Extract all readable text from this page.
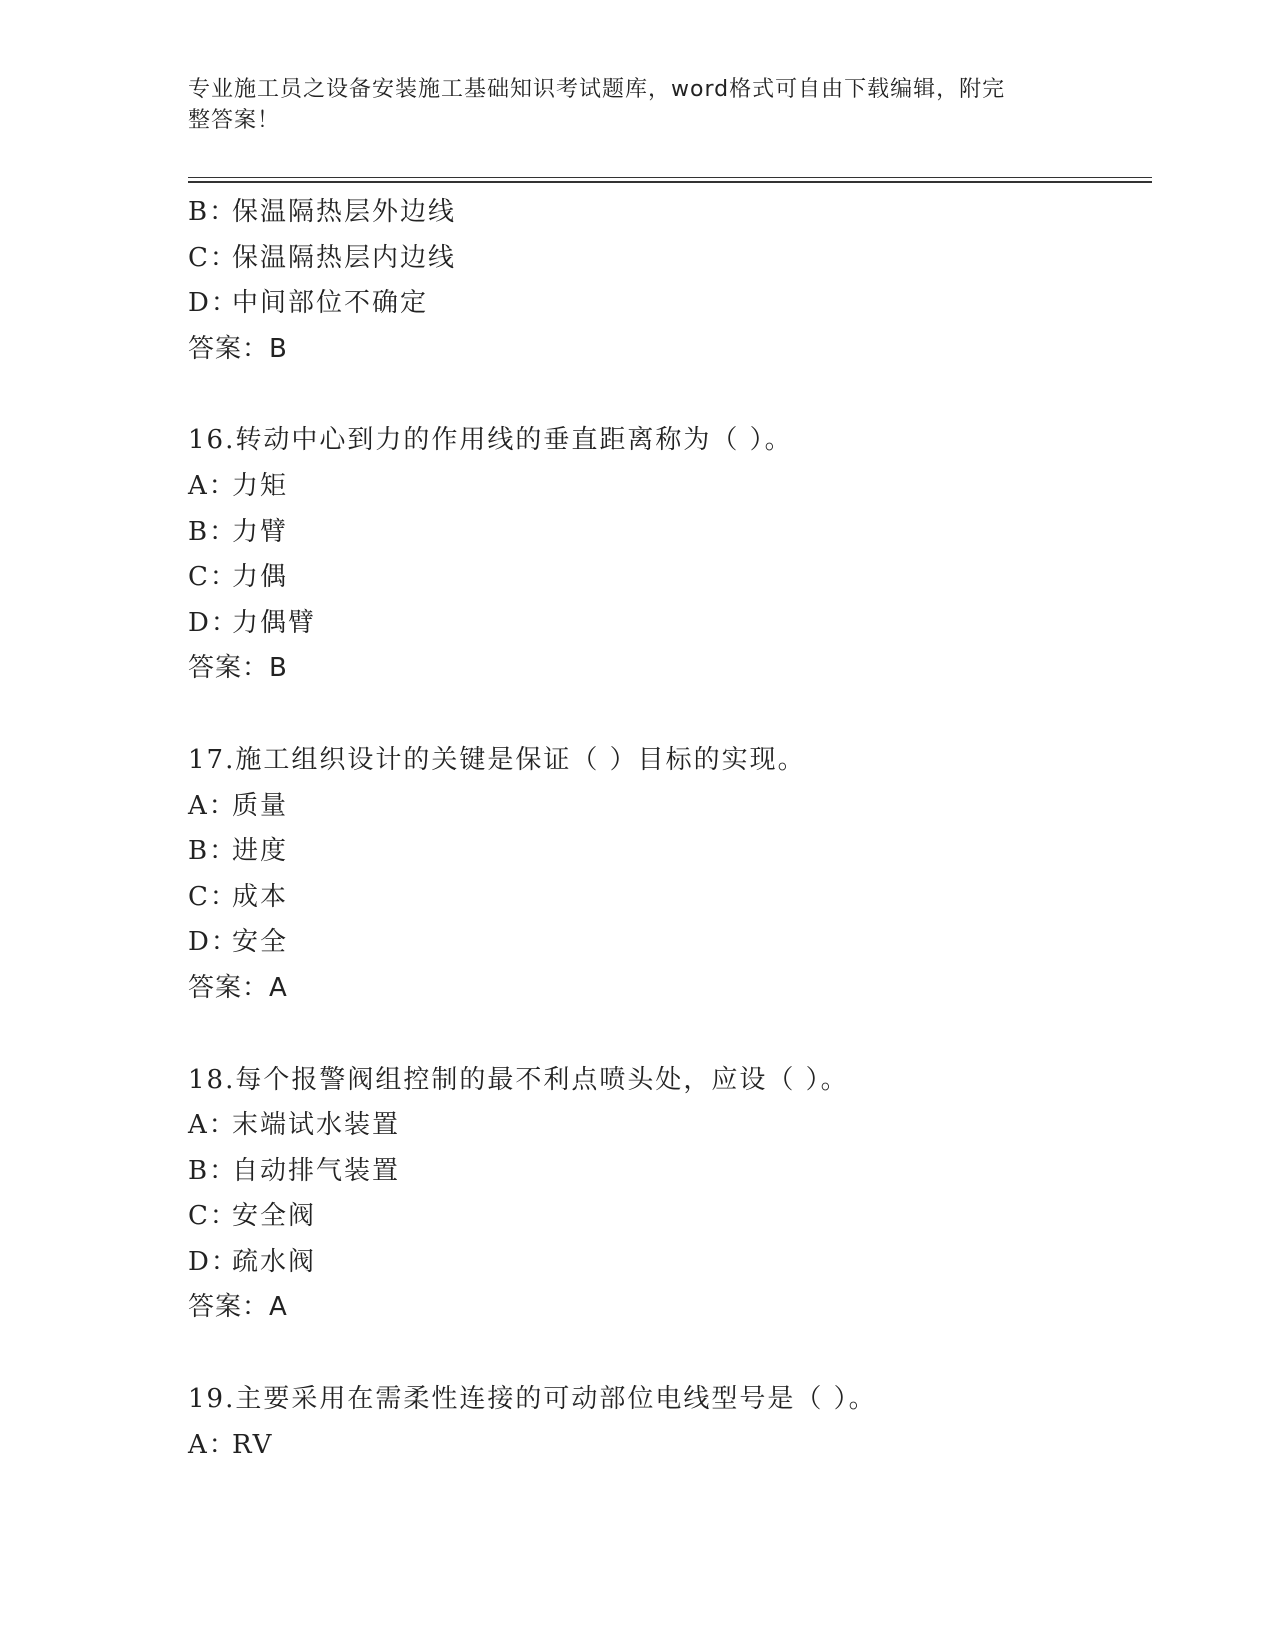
专业施工员之设备安装施工基础知识考试题库，word格式可自由下载编辑，附完
整答案！
B：保温隔热层外边线
C：保温隔热层内边线
D：中间部位不确定
答案：B
16.转动中心到力的作用线的垂直距离称为（ ）。
A：力矩
B：力臂
C：力偶
D：力偶臂
答案：B
17.施工组织设计的关键是保证（ ）目标的实现。
A：质量
B：进度
C：成本
D：安全
答案：A
18.每个报警阀组控制的最不利点喷头处，应设（ ）。
A：末端试水装置
B：自动排气装置
C：安全阀
D：疏水阀
答案：A
19.主要采用在需柔性连接的可动部位电线型号是（ ）。
A：RV
